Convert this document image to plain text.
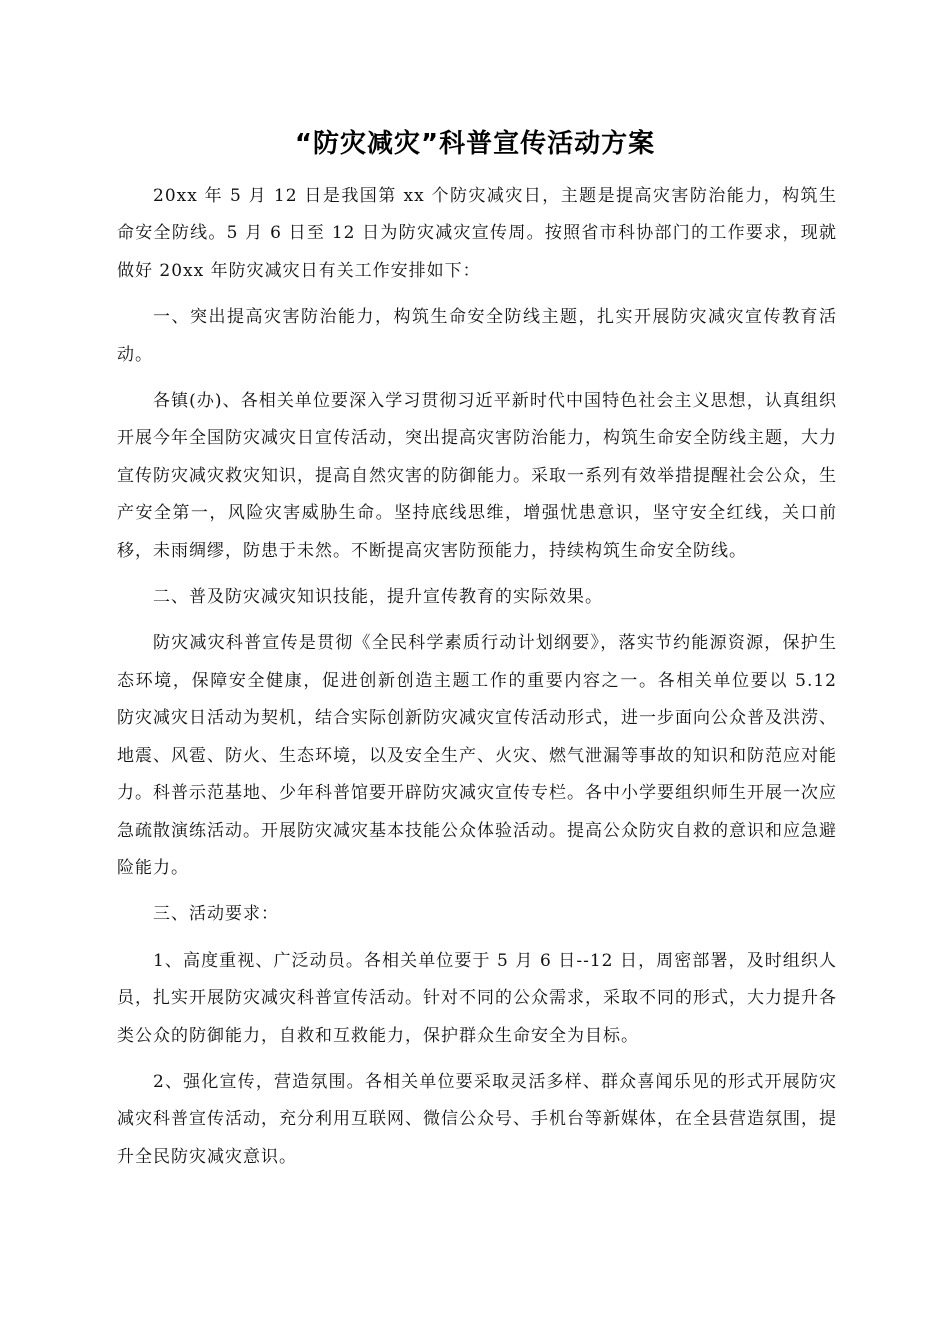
“防灾减灾”科普宣传活动方案

20xx 年 5 月 12 日是我国第 xx 个防灾减灾日，主题是提高灾害防治能力，构筑生命安全防线。5 月 6 日至 12 日为防灾减灾宣传周。按照省市科协部门的工作要求，现就做好 20xx 年防灾减灾日有关工作安排如下：

一、突出提高灾害防治能力，构筑生命安全防线主题，扎实开展防灾减灾宣传教育活动。

各镇(办)、各相关单位要深入学习贯彻习近平新时代中国特色社会主义思想，认真组织开展今年全国防灾减灾日宣传活动，突出提高灾害防治能力，构筑生命安全防线主题，大力宣传防灾减灾救灾知识，提高自然灾害的防御能力。采取一系列有效举措提醒社会公众，生产安全第一，风险灾害威胁生命。坚持底线思维，增强忧患意识，坚守安全红线，关口前移，未雨绸缪，防患于未然。不断提高灾害防预能力，持续构筑生命安全防线。

二、普及防灾减灾知识技能，提升宣传教育的实际效果。

防灾减灾科普宣传是贯彻《全民科学素质行动计划纲要》，落实节约能源资源，保护生态环境，保障安全健康，促进创新创造主题工作的重要内容之一。各相关单位要以 5.12 防灾减灾日活动为契机，结合实际创新防灾减灾宣传活动形式，进一步面向公众普及洪涝、地震、风雹、防火、生态环境，以及安全生产、火灾、燃气泄漏等事故的知识和防范应对能力。科普示范基地、少年科普馆要开辟防灾减灾宣传专栏。各中小学要组织师生开展一次应急疏散演练活动。开展防灾减灾基本技能公众体验活动。提高公众防灾自救的意识和应急避险能力。

三、活动要求：

1、高度重视、广泛动员。各相关单位要于 5 月 6 日--12 日，周密部署，及时组织人员，扎实开展防灾减灾科普宣传活动。针对不同的公众需求，采取不同的形式，大力提升各类公众的防御能力，自救和互救能力，保护群众生命安全为目标。

2、强化宣传，营造氛围。各相关单位要采取灵活多样、群众喜闻乐见的形式开展防灾减灾科普宣传活动，充分利用互联网、微信公众号、手机台等新媒体，在全县营造氛围，提升全民防灾减灾意识。
